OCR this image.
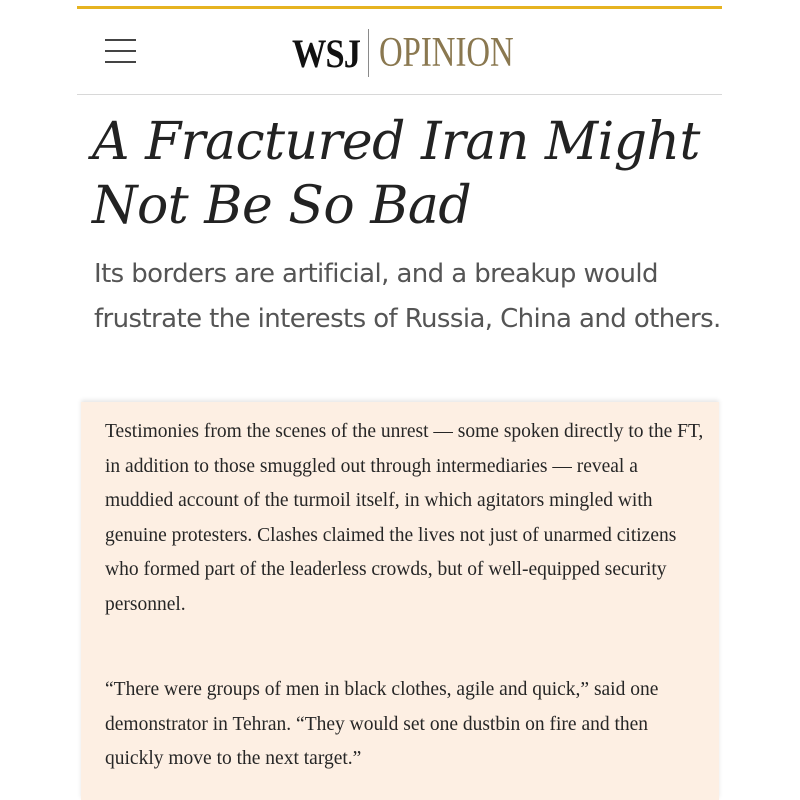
WSJ OPINION
A Fractured Iran Might Not Be So Bad

Its borders are artificial, and a breakup would frustrate the interests of Russia, China and others.

Testimonies from the scenes of the unrest — some spoken directly to the FT, in addition to those smuggled out through intermediaries — reveal a muddied account of the turmoil itself, in which agitators mingled with genuine protesters. Clashes claimed the lives not just of unarmed citizens who formed part of the leaderless crowds, but of well-equipped security personnel.

“There were groups of men in black clothes, agile and quick,” said one demonstrator in Tehran. “They would set one dustbin on fire and then quickly move to the next target.”
